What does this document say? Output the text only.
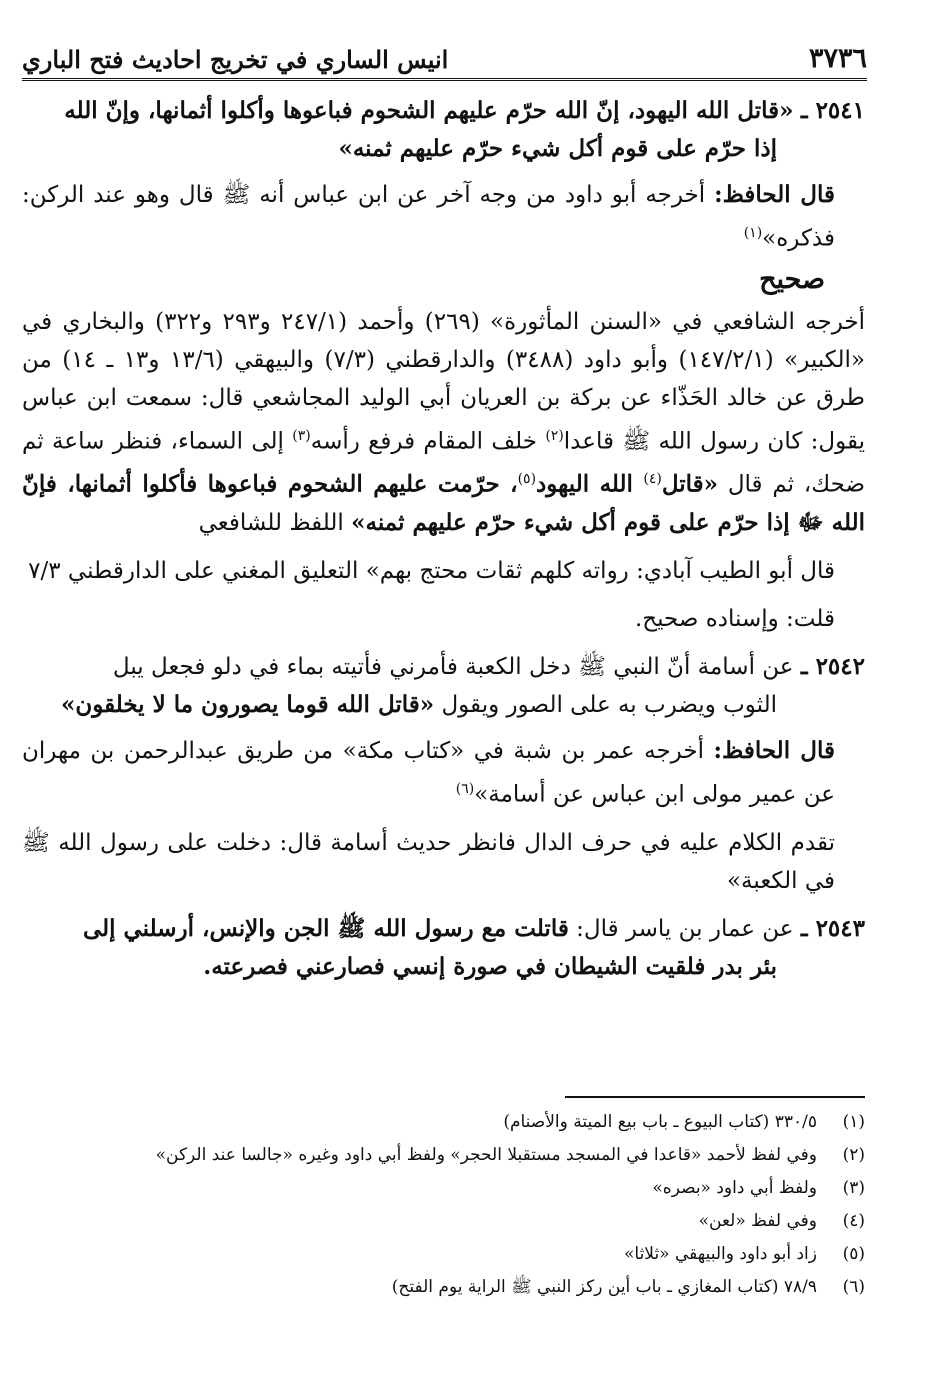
انيس الساري في تخريج احاديث فتح الباري	٣٧٣٦

٢٥٤١ ـ «قاتل الله اليهود، إنّ الله حرّم عليهم الشحوم فباعوها وأكلوا أثمانها، وإنّ الله

إذا حرّم على قوم أكل شيء حرّم عليهم ثمنه»

قال الحافظ: أخرجه أبو داود من وجه آخر عن ابن عباس أنه ﷺ قال وهو عند الركن: فذكره»$^{(١)}$

صحيح

أخرجه الشافعي في «السنن المأثورة» (٢٦٩) وأحمد (٢٤٧/١ و٢٩٣ و٣٢٢) والبخاري في «الكبير» (١٤٧/٢/١) وأبو داود (٣٤٨٨) والدارقطني (٧/٣) والبيهقي (١٣/٦ و١٣ ـ ١٤) من طرق عن خالد الحَذّاء عن بركة بن العريان أبي الوليد المجاشعي قال: سمعت ابن عباس يقول: كان رسول الله ﷺ قاعدا$^{(٢)}$ خلف المقام فرفع رأسه$^{(٣)}$ إلى السماء، فنظر ساعة ثم ضحك، ثم قال «قاتل$^{(٤)}$ الله اليهود$^{(٥)}$، حرّمت عليهم الشحوم فباعوها فأكلوا أثمانها، فإنّ الله ﷻ إذا حرّم على قوم أكل شيء حرّم عليهم ثمنه» اللفظ للشافعي

قال أبو الطيب آبادي: رواته كلهم ثقات محتج بهم» التعليق المغني على الدارقطني ٧/٣

قلت: وإسناده صحيح.

٢٥٤٢ ـ عن أسامة أنّ النبي ﷺ دخل الكعبة فأمرني فأتيته بماء في دلو فجعل يبل

الثوب ويضرب به على الصور ويقول «قاتل الله قوما يصورون ما لا يخلقون»

قال الحافظ: أخرجه عمر بن شبة في «كتاب مكة» من طريق عبدالرحمن بن مهران عن عمير مولى ابن عباس عن أسامة»$^{(٦)}$

تقدم الكلام عليه في حرف الدال فانظر حديث أسامة قال: دخلت على رسول الله ﷺ في الكعبة»

٢٥٤٣ ـ عن عمار بن ياسر قال: قاتلت مع رسول الله ﷺ الجن والإنس، أرسلني إلى

بئر بدر فلقيت الشيطان في صورة إنسي فصارعني فصرعته.

(١)
٣٣٠/٥ (كتاب البيوع ـ باب بيع الميتة والأصنام)
(٢)
وفي لفظ لأحمد «قاعدا في المسجد مستقبلا الحجر» ولفظ أبي داود وغيره «جالسا عند الركن»
(٣)
ولفظ أبي داود «بصره»
(٤)
وفي لفظ «لعن»
(٥)
زاد أبو داود والبيهقي «ثلاثا»
(٦)
٧٨/٩ (كتاب المغازي ـ باب أين ركز النبي ﷺ الراية يوم الفتح)
